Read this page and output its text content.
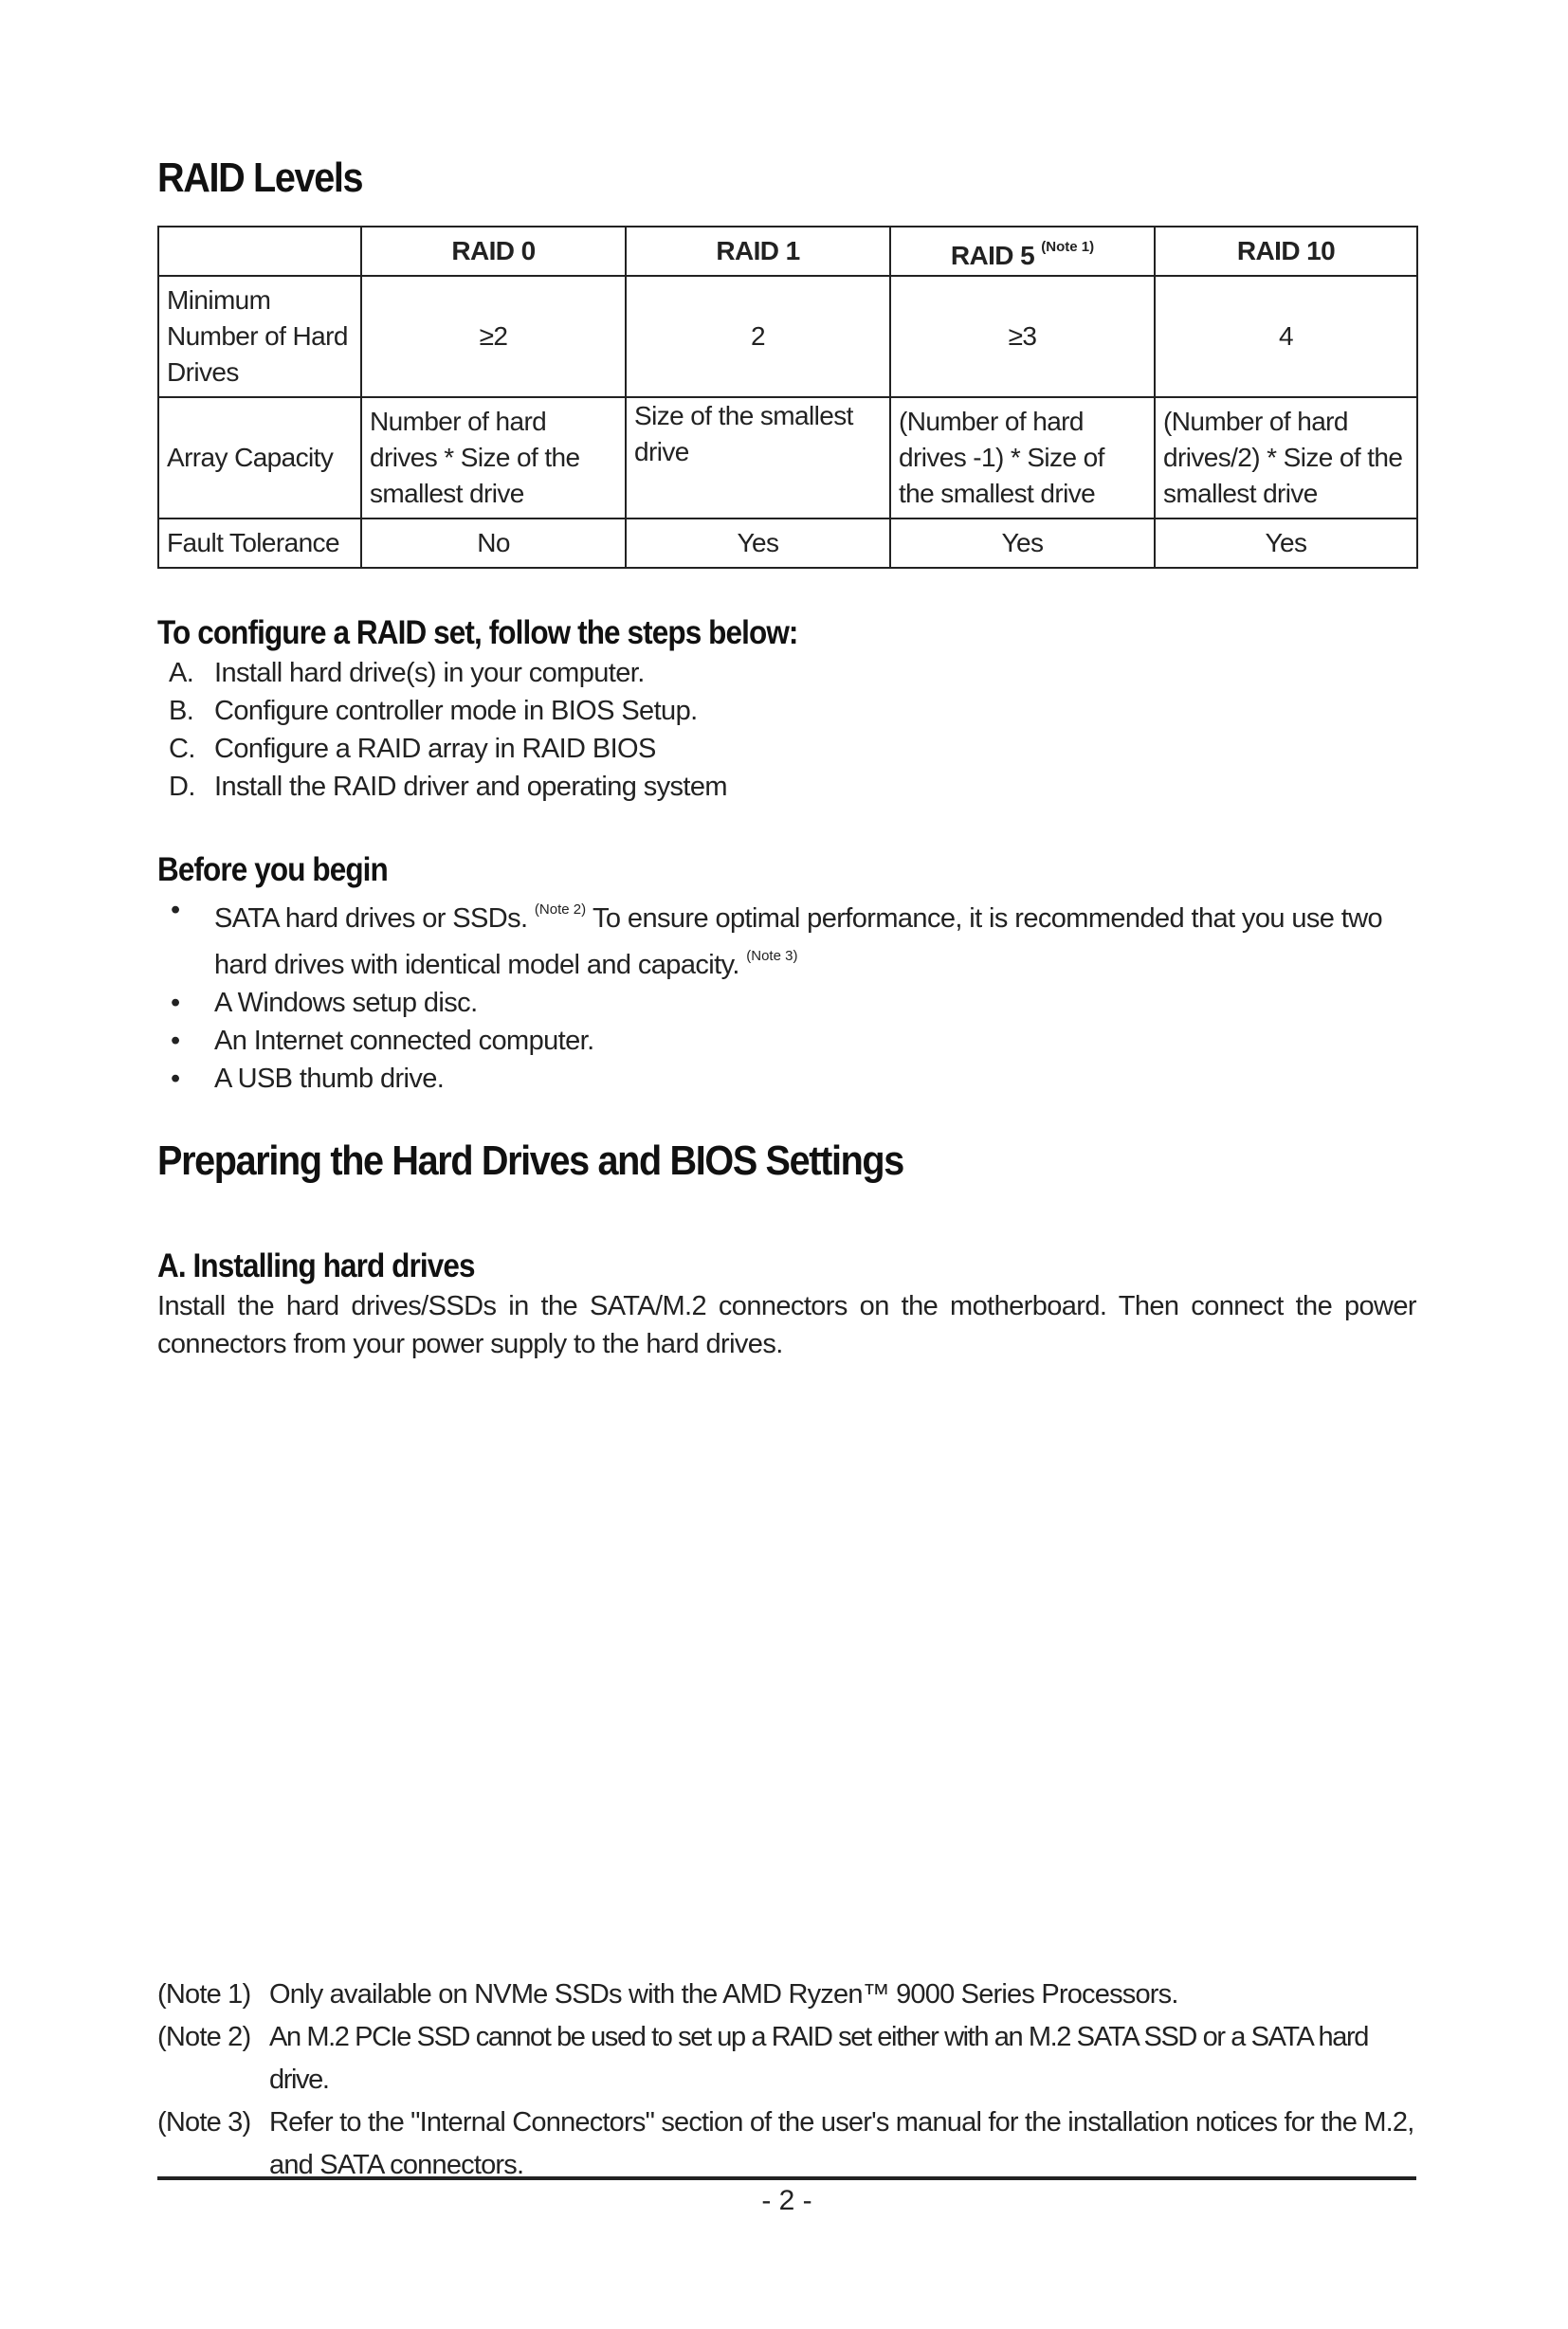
RAID Levels
	RAID 0	RAID 1	RAID 5 $^{(Note 1)}$	RAID 10
Minimum Number of Hard Drives	≥2	2	≥3	4
Array Capacity	Number of hard drives * Size of the smallest drive	Size of the smallest drive	(Number of hard drives -1) * Size of the smallest drive	(Number of hard drives/2) * Size of the smallest drive
Fault Tolerance	No	Yes	Yes	Yes
To configure a RAID set, follow the steps below:
A. Install hard drive(s) in your computer.
B. Configure controller mode in BIOS Setup.
C. Configure a RAID array in RAID BIOS
D. Install the RAID driver and operating system
Before you begin
•	SATA hard drives or SSDs. $^{(Note 2)}$ To ensure optimal performance, it is recommended that you use two hard drives with identical model and capacity. $^{(Note 3)}$
•	A Windows setup disc.
•	An Internet connected computer.
•	A USB thumb drive.
Preparing the Hard Drives and BIOS Settings
A. Installing hard drives

Install the hard drives/SSDs in the SATA/M.2 connectors on the motherboard. Then connect the power connectors from your power supply to the hard drives.

(Note 1) Only available on NVMe SSDs with the AMD Ryzen™ 9000 Series Processors.
(Note 2) An M.2 PCIe SSD cannot be used to set up a RAID set either with an M.2 SATA SSD or a SATA hard drive.
(Note 3) Refer to the "Internal Connectors" section of the user's manual for the installation notices for the M.2, and SATA connectors.
- 2 -
